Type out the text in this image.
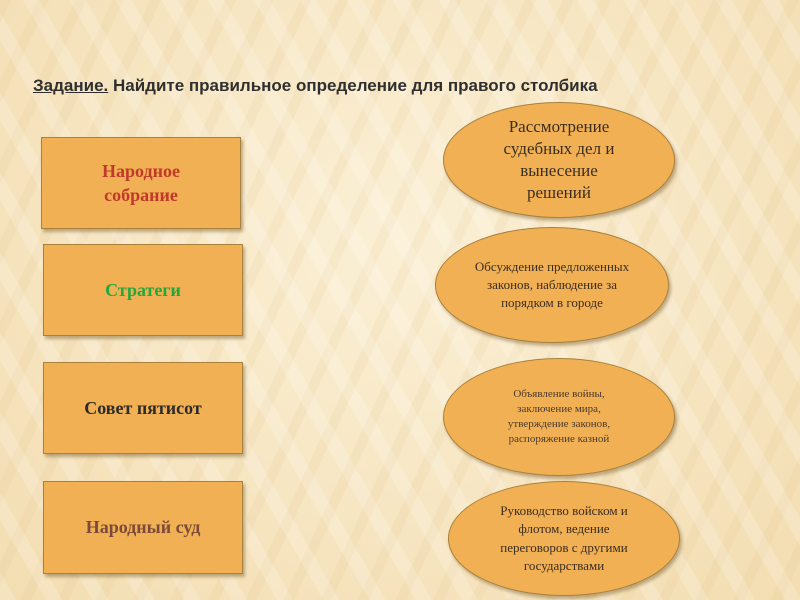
Задание. Найдите правильное определение для правого столбика
Народное собрание
Стратеги
Совет пятисот
Народный суд
Рассмотрение судебных дел и вынесение решений
Обсуждение предложенных законов, наблюдение за порядком в городе
Объявление войны, заключение мира, утверждение законов, распоряжение казной
Руководство войском и флотом, ведение переговоров с другими государствами
